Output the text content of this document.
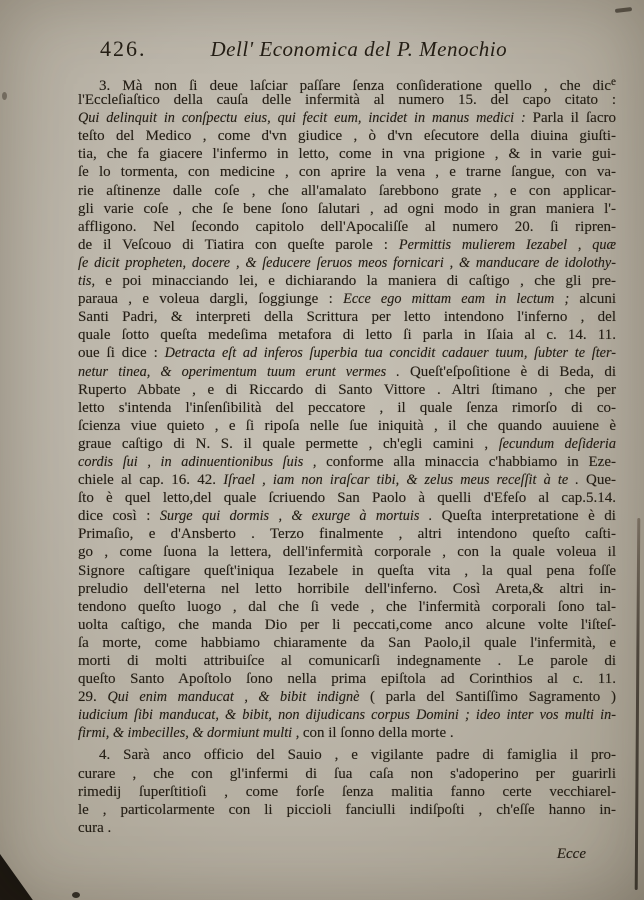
426.	Dell' Economica del P. Menochio
3. Mà non ſi deue laſciar paſſare ſenza conſideratione quello , che dic$^e$
l'Eccleſiaſtico della cauſa delle infermità al numero 15. del capo citato :
Qui delinquit in conſpectu eius, qui fecit eum, incidet in manus medici : Parla il ſacro
teſto del Medico , come d'vn giudice , ò d'vn eſecutore della diuina giuſti-
tia, che fa giacere l'infermo in letto, come in vna prigione , & in varie gui-
ſe lo tormenta, con medicine , con aprire la vena , e trarne ſangue, con va-
rie aſtinenze dalle coſe , che all'amalato ſarebbono grate , e con applicar-
gli varie coſe , che ſe bene ſono ſalutari , ad ogni modo in gran maniera l'-
affligono. Nel ſecondo capitolo dell'Apocaliſſe al numero 20. ſi ripren-
de il Veſcouo di Tiatira con queſte parole : Permittis mulierem Iezabel , quæ
ſe dicit propheten, docere , & ſeducere ſeruos meos fornicari , & manducare de idolothy-
tis, e poi minacciando lei, e dichiarando la maniera di caſtigo , che gli pre-
paraua , e voleua dargli, ſoggiunge : Ecce ego mittam eam in lectum ; alcuni
Santi Padri, & interpreti della Scrittura per letto intendono l'inferno , del
quale ſotto queſta medeſima metafora di letto ſi parla in Iſaia al c. 14. 11.
oue ſi dice : Detracta eſt ad inferos ſuperbia tua concidit cadauer tuum, ſubter te ſter-
netur tinea, & operimentum tuum erunt vermes . Queſt'eſpoſitione è di Beda, di
Ruperto Abbate , e di Riccardo di Santo Vittore . Altri ſtimano , che per
letto s'intenda l'inſenſibilità del peccatore , il quale ſenza rimorſo di co-
ſcienza viue quieto , e ſi ripoſa nelle ſue iniquità , il che quando auuiene è
graue caſtigo di N. S. il quale permette , ch'egli camini , ſecundum deſideria
cordis ſui , in adinuentionibus ſuis , conforme alla minaccia c'habbiamo in Eze-
chiele al cap. 16. 42. Iſrael , iam non iraſcar tibi, & zelus meus receſſit à te . Que-
ſto è quel letto,del quale ſcriuendo San Paolo à quelli d'Efeſo al cap.5.14.
dice così : Surge qui dormis , & exurge à mortuis . Queſta interpretatione è di
Primaſio, e d'Ansberto . Terzo finalmente , altri intendono queſto caſti-
go , come ſuona la lettera, dell'infermità corporale , con la quale voleua il
Signore caſtigare queſt'iniqua Iezabele in queſta vita , la qual pena foſſe
preludio dell'eterna nel letto horribile dell'inferno. Così Areta,& altri in-
tendono queſto luogo , dal che ſi vede , che l'infermità corporali ſono tal-
uolta caſtigo, che manda Dio per li peccati,come anco alcune volte l'iſteſ-
ſa morte, come habbiamo chiaramente da San Paolo,il quale l'infermità, e
morti di molti attribuiſce al comunicarſi indegnamente . Le parole di
queſto Santo Apoſtolo ſono nella prima epiſtola ad Corinthios al c. 11.
29. Qui enim manducat , & bibit indignè ( parla del Santiſſimo Sagramento )
iudicium ſibi manducat, & bibit, non dijudicans corpus Domini ; ideo inter vos multi in-
firmi, & imbecilles, & dormiunt multi , con il ſonno della morte .
4. Sarà anco officio del Sauio , e vigilante padre di famiglia il pro-
curare , che con gl'infermi di ſua caſa non s'adoperino per guarirli
rimedij ſuperſtitioſi , come forſe ſenza malitia fanno certe vecchiarel-
le , particolarmente con li piccioli fanciulli indiſpoſti , ch'eſſe hanno in-
cura .
Ecce
